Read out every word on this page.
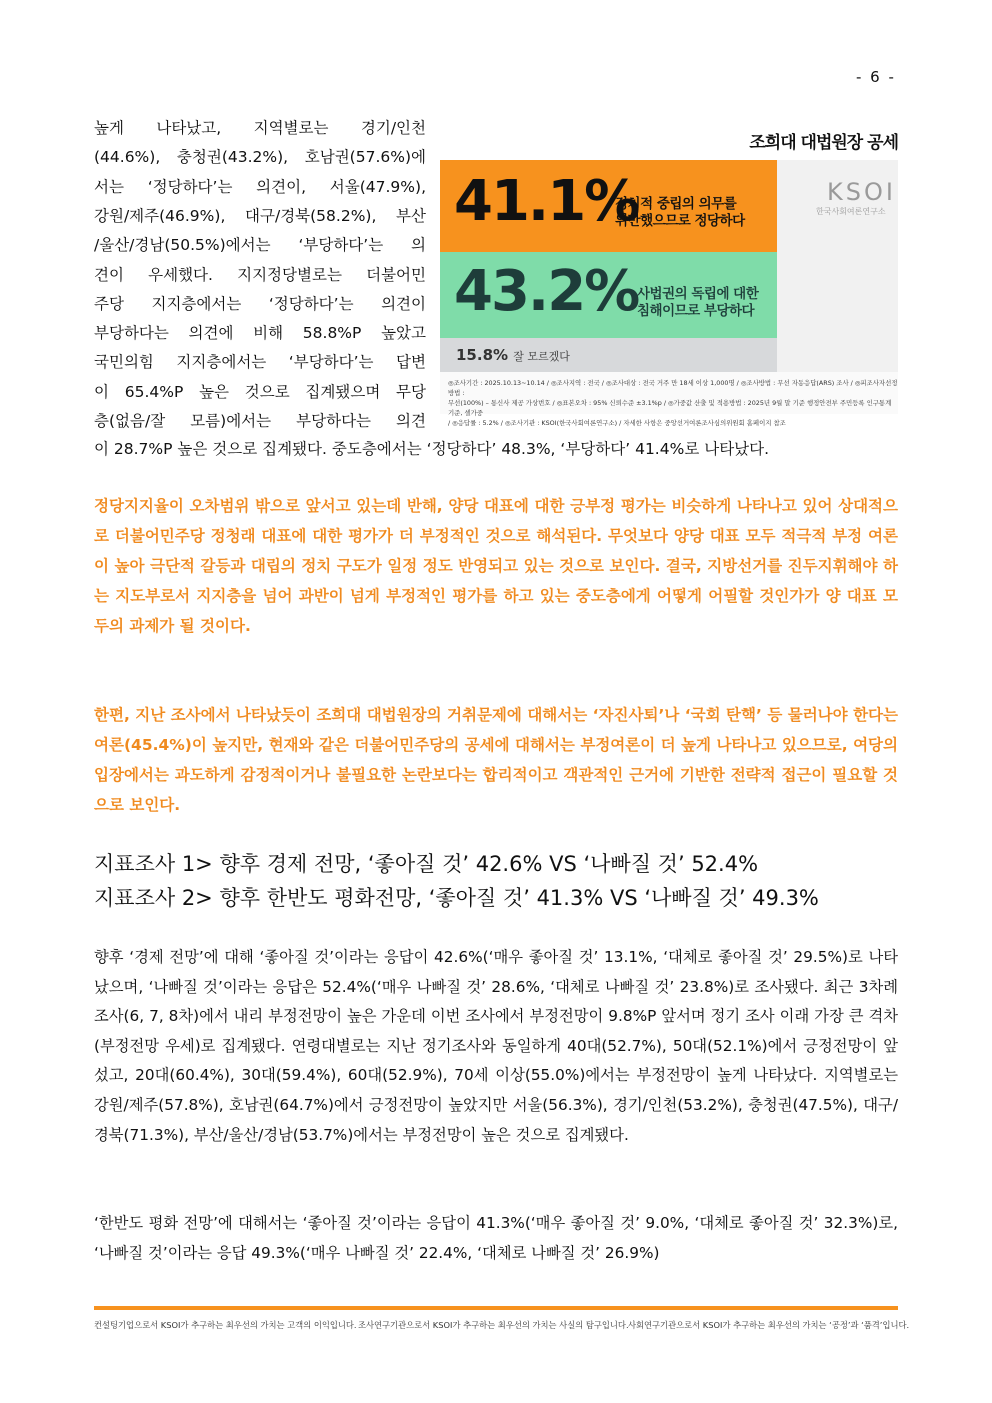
- 6 -
높게 나타났고, 지역별로는 경기/인천
(44.6%), 충청권(43.2%), 호남권(57.6%)에
서는 ‘정당하다’는 의견이, 서울(47.9%),
강원/제주(46.9%), 대구/경북(58.2%), 부산
/울산/경남(50.5%)에서는 ‘부당하다’는 의
견이 우세했다. 지지정당별로는 더불어민
주당 지지층에서는 ‘정당하다’는 의견이
부당하다는 의견에 비해 58.8%P 높았고
국민의힘 지지층에서는 ‘부당하다’는 답변
이 65.4%P 높은 것으로 집계됐으며 무당
층(없음/잘 모름)에서는 부당하다는 의견
이 28.7%P 높은 것으로 집계됐다. 중도층에서는 ‘정당하다’ 48.3%, ‘부당하다’ 41.4%로 나타났다.
조희대 대법원장 공세
41.1%
정치적 중립의 의무를
위반했으므로 정당하다
43.2%
사법권의 독립에 대한
침해이므로 부당하다
15.8% 잘 모르겠다
KSOI
한국사회여론연구소
◎조사기간 : 2025.10.13~10.14 / ◎조사지역 : 전국 / ◎조사대상 : 전국 거주 만 18세 이상 1,000명 / ◎조사방법 : 무선 자동응답(ARS) 조사 / ◎피조사자선정방법 :
무선(100%) – 통신사 제공 가상번호 / ◎표본오차 : 95% 신뢰수준 ±3.1%p / ◎가중값 산출 및 적용방법 : 2025년 9월 말 기준 행정안전부 주민등록 인구통계 기준, 셀가중
/ ◎응답률 : 5.2% / ◎조사기관 : KSOI(한국사회여론연구소) / 자세한 사항은 중앙선거여론조사심의위원회 홈페이지 참조

정당지지율이 오차범위 밖으로 앞서고 있는데 반해, 양당 대표에 대한 긍부정 평가는 비슷하게 나타나고 있어 상대적으로 더불어민주당 정청래 대표에 대한 평가가 더 부정적인 것으로 해석된다. 무엇보다 양당 대표 모두 적극적 부정 여론이 높아 극단적 갈등과 대립의 정치 구도가 일정 정도 반영되고 있는 것으로 보인다. 결국, 지방선거를 진두지휘해야 하는 지도부로서 지지층을 넘어 과반이 넘게 부정적인 평가를 하고 있는 중도층에게 어떻게 어필할 것인가가 양 대표 모두의 과제가 될 것이다.

한편, 지난 조사에서 나타났듯이 조희대 대법원장의 거취문제에 대해서는 ‘자진사퇴’나 ‘국회 탄핵’ 등 물러나야 한다는 여론(45.4%)이 높지만, 현재와 같은 더불어민주당의 공세에 대해서는 부정여론이 더 높게 나타나고 있으므로, 여당의 입장에서는 과도하게 감정적이거나 불필요한 논란보다는 합리적이고 객관적인 근거에 기반한 전략적 접근이 필요할 것으로 보인다.

지표조사 1> 향후 경제 전망, ‘좋아질 것’ 42.6% VS ‘나빠질 것’ 52.4%
지표조사 2> 향후 한반도 평화전망, ‘좋아질 것’ 41.3% VS ‘나빠질 것’ 49.3%

향후 ‘경제 전망’에 대해 ‘좋아질 것’이라는 응답이 42.6%(‘매우 좋아질 것’ 13.1%, ‘대체로 좋아질 것’ 29.5%)로 나타났으며, ‘나빠질 것’이라는 응답은 52.4%(‘매우 나빠질 것’ 28.6%, ‘대체로 나빠질 것’ 23.8%)로 조사됐다. 최근 3차례 조사(6, 7, 8차)에서 내리 부정전망이 높은 가운데 이번 조사에서 부정전망이 9.8%P 앞서며 정기 조사 이래 가장 큰 격차(부정전망 우세)로 집계됐다. 연령대별로는 지난 정기조사와 동일하게 40대(52.7%), 50대(52.1%)에서 긍정전망이 앞섰고, 20대(60.4%), 30대(59.4%), 60대(52.9%), 70세 이상(55.0%)에서는 부정전망이 높게 나타났다. 지역별로는 강원/제주(57.8%), 호남권(64.7%)에서 긍정전망이 높았지만 서울(56.3%), 경기/인천(53.2%), 충청권(47.5%), 대구/경북(71.3%), 부산/울산/경남(53.7%)에서는 부정전망이 높은 것으로 집계됐다.

‘한반도 평화 전망’에 대해서는 ‘좋아질 것’이라는 응답이 41.3%(‘매우 좋아질 것’ 9.0%, ‘대체로 좋아질 것’ 32.3%)로, ‘나빠질 것’이라는 응답 49.3%(‘매우 나빠질 것’ 22.4%, ‘대체로 나빠질 것’ 26.9%)

컨설팅기업으로서 KSOI가 추구하는 최우선의 가치는 고객의 이익입니다. 조사연구기관으로서 KSOI가 추구하는 최우선의 가치는 사실의 탐구입니다. 사회연구기관으로서 KSOI가 추구하는 최우선의 가치는 ‘공정’과 ‘품격’입니다.
